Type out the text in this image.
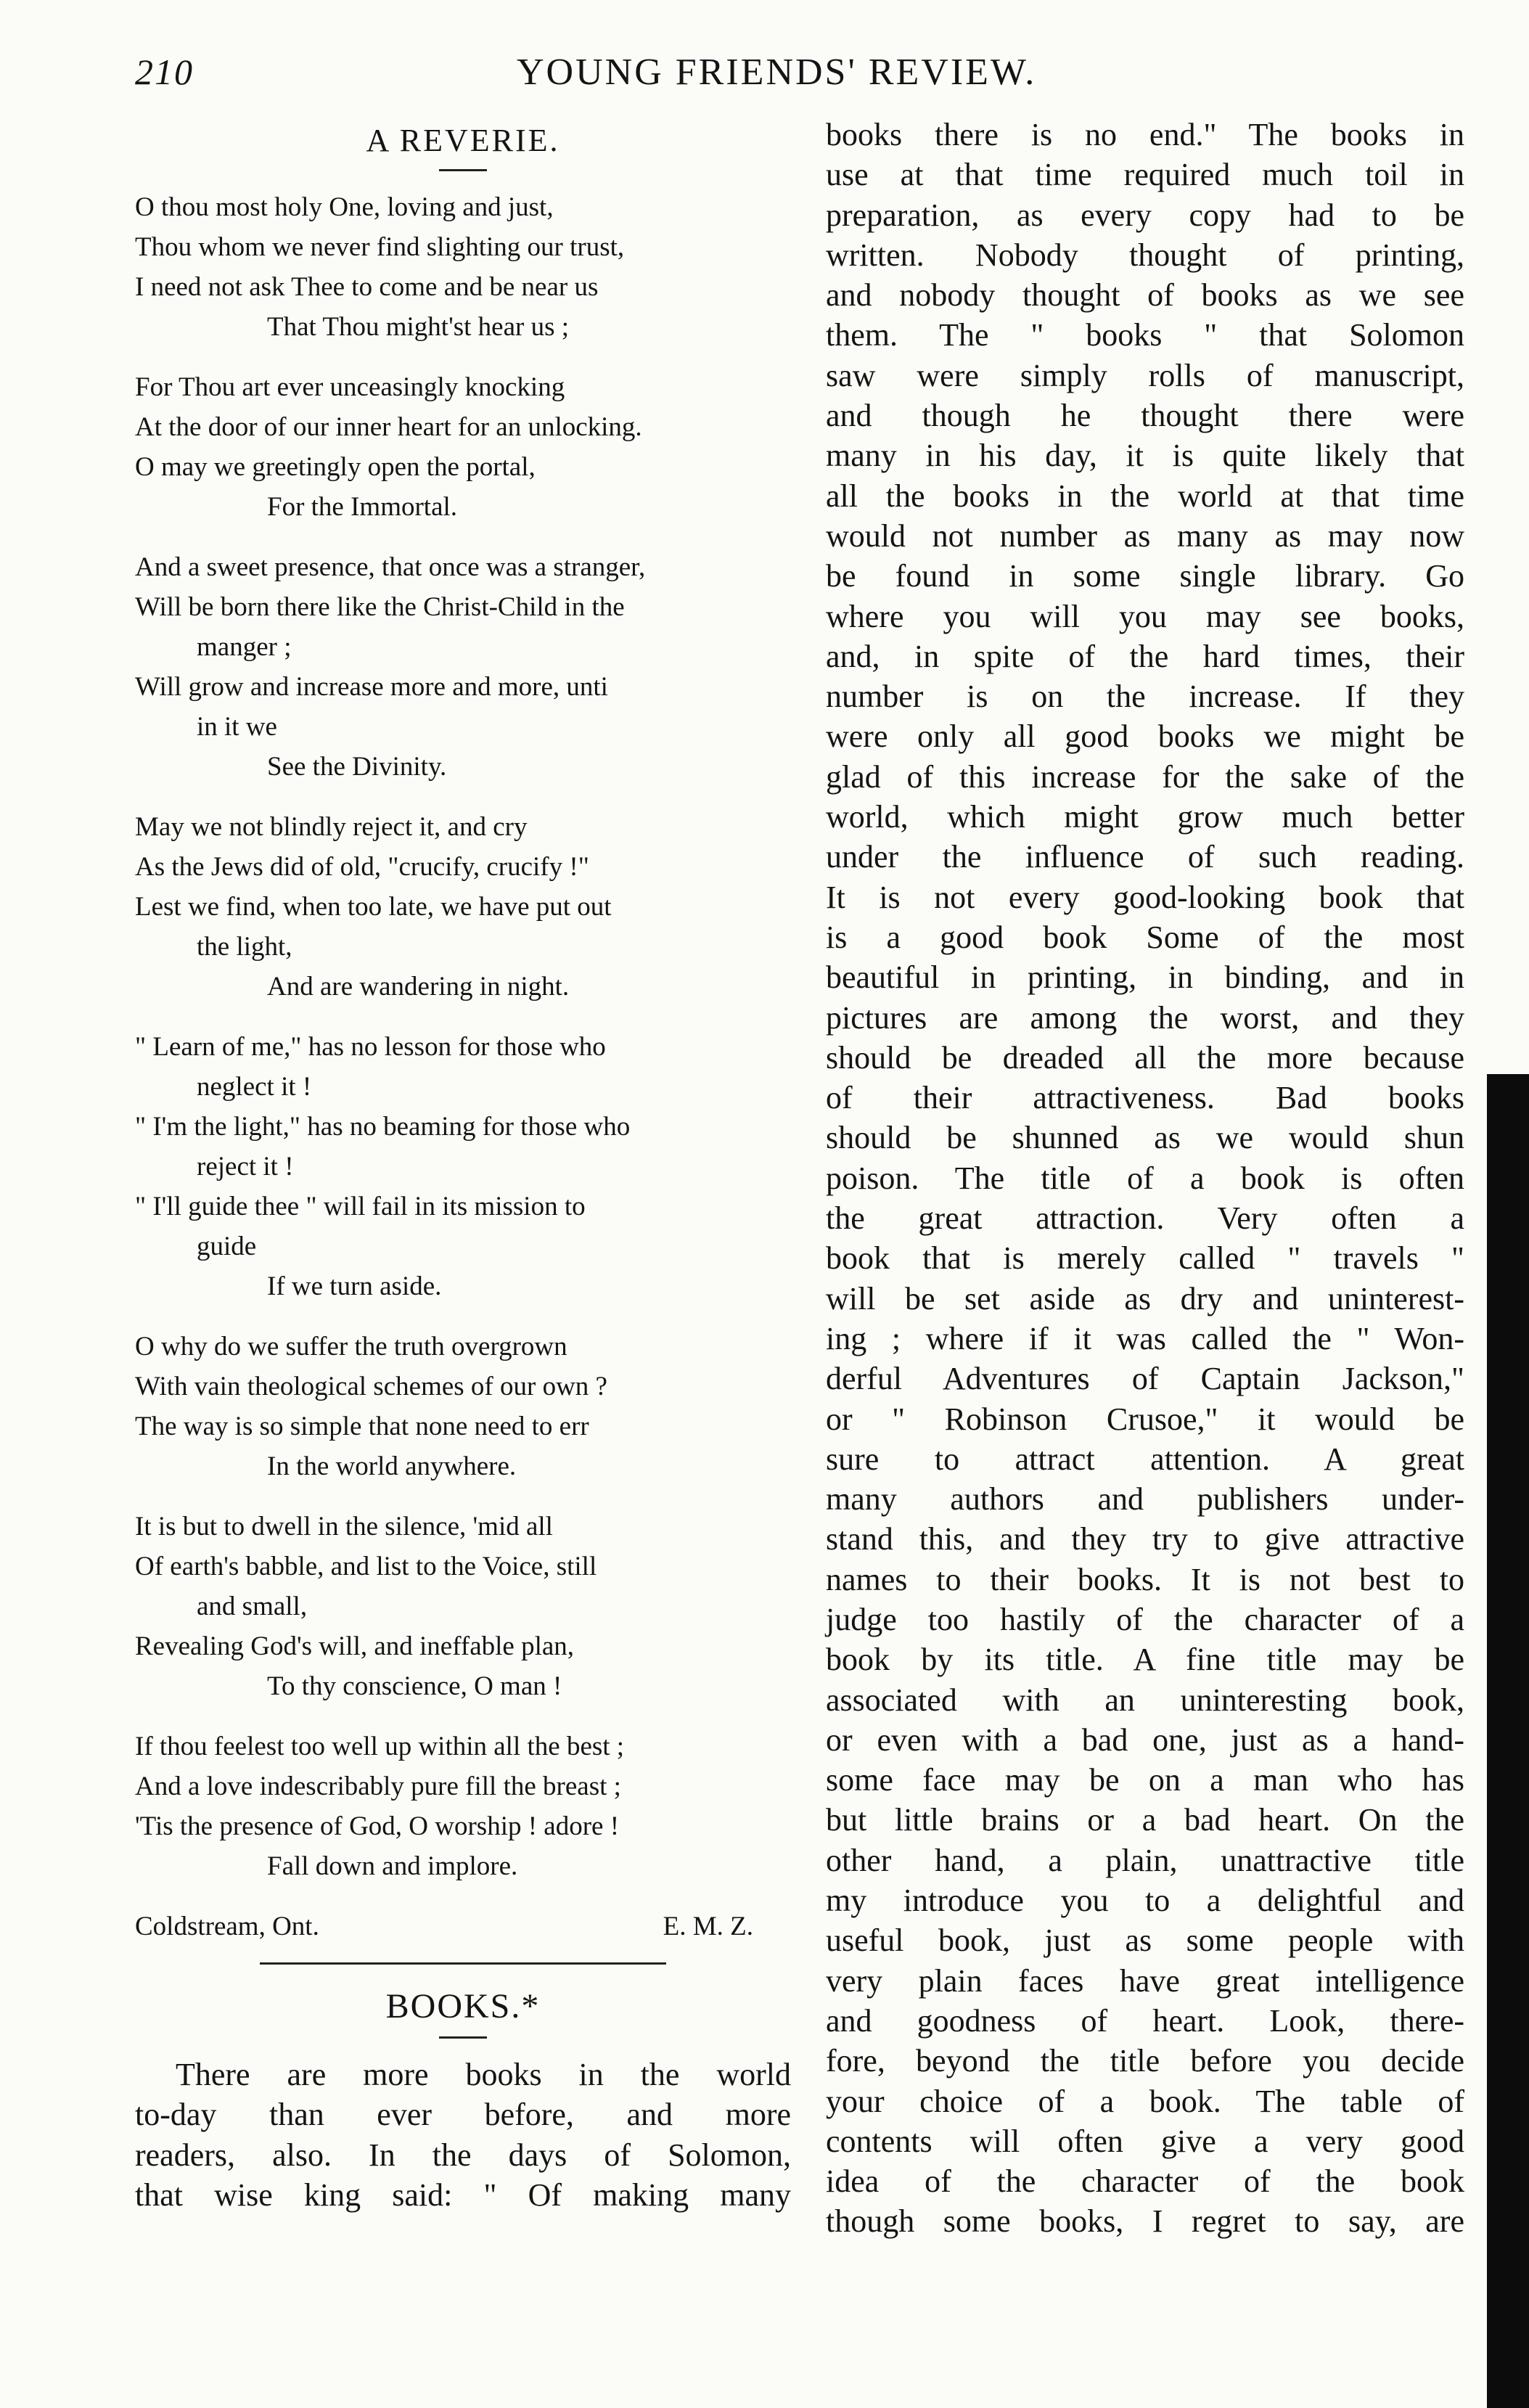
210	YOUNG FRIENDS' REVIEW.
A REVERIE.
O thou most holy One, loving and just,
Thou whom we never find slighting our trust,
I need not ask Thee to come and be near us
That Thou might'st hear us ;
For Thou art ever unceasingly knocking
At the door of our inner heart for an unlocking.
O may we greetingly open the portal,
For the Immortal.
And a sweet presence, that once was a stranger,
Will be born there like the Christ-Child in the
manger ;
Will grow and increase more and more, unti
in it we
See the Divinity.
May we not blindly reject it, and cry
As the Jews did of old, "crucify, crucify !"
Lest we find, when too late, we have put out
the light,
And are wandering in night.
" Learn of me," has no lesson for those who
neglect it !
" I'm the light," has no beaming for those who
reject it !
" I'll guide thee " will fail in its mission to
guide
If we turn aside.
O why do we suffer the truth overgrown
With vain theological schemes of our own ?
The way is so simple that none need to err
In the world anywhere.
It is but to dwell in the silence, 'mid all
Of earth's babble, and list to the Voice, still
and small,
Revealing God's will, and ineffable plan,
To thy conscience, O man !
If thou feelest too well up within all the best ;
And a love indescribably pure fill the breast ;
'Tis the presence of God, O worship ! adore !
Fall down and implore.
Coldstream, Ont.	E. M. Z.
BOOKS.*
There are more books in the world
to-day than ever before, and more
readers, also. In the days of Solomon,
that wise king said: " Of making many
books there is no end." The books in
use at that time required much toil in
preparation, as every copy had to be
written. Nobody thought of printing,
and nobody thought of books as we see
them. The " books " that Solomon
saw were simply rolls of manuscript,
and though he thought there were
many in his day, it is quite likely that
all the books in the world at that time
would not number as many as may now
be found in some single library. Go
where you will you may see books,
and, in spite of the hard times, their
number is on the increase. If they
were only all good books we might be
glad of this increase for the sake of the
world, which might grow much better
under the influence of such reading.
It is not every good-looking book that
is a good book Some of the most
beautiful in printing, in binding, and in
pictures are among the worst, and they
should be dreaded all the more because
of their attractiveness. Bad books
should be shunned as we would shun
poison. The title of a book is often
the great attraction. Very often a
book that is merely called " travels "
will be set aside as dry and uninterest-
ing ; where if it was called the " Won-
derful Adventures of Captain Jackson,"
or " Robinson Crusoe," it would be
sure to attract attention. A great
many authors and publishers under-
stand this, and they try to give attractive
names to their books. It is not best to
judge too hastily of the character of a
book by its title. A fine title may be
associated with an uninteresting book,
or even with a bad one, just as a hand-
some face may be on a man who has
but little brains or a bad heart. On the
other hand, a plain, unattractive title
my introduce you to a delightful and
useful book, just as some people with
very plain faces have great intelligence
and goodness of heart. Look, there-
fore, beyond the title before you decide
your choice of a book. The table of
contents will often give a very good
idea of the character of the book
though some books, I regret to say, are
